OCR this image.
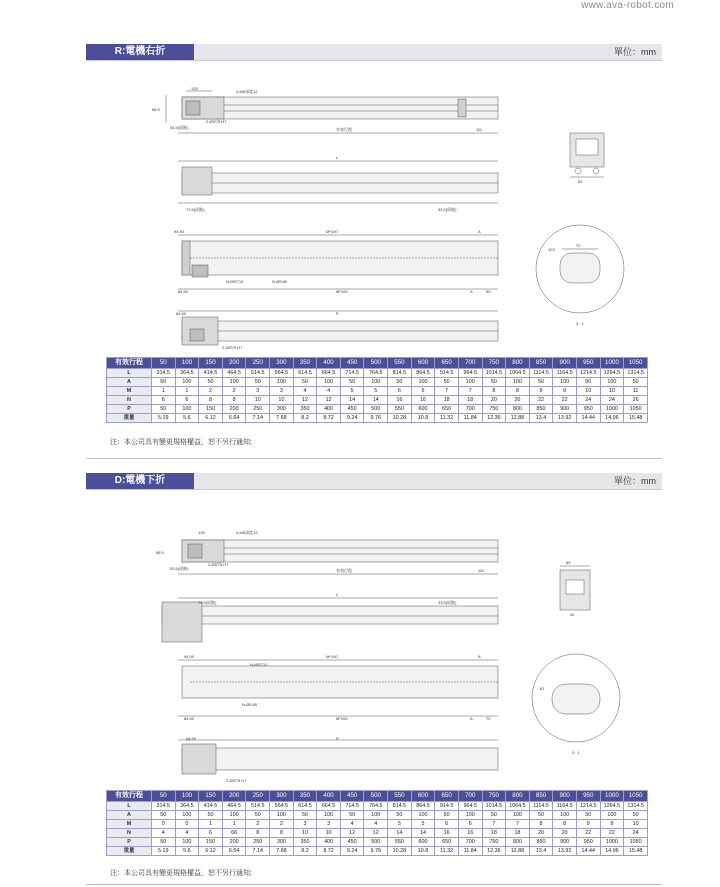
www.ava-robot.com
R:電機右折	單位：mm
135
4-M6深度12
88.5
53.5(原點)
2-Ø5▽5 H7
有效行程	111
L
73.5(原點)	33.5(原點)
94.50	M*100	A
N-M5▽10	N-Ø5.80
84.50	M*100	A	50
64.50	P
2-Ø5▽5 H7
103
72
62
3 : 1
有效行程	50	100	150	200	250	300	350	400	450	500	550	600	650	700	750	800	850	900	950	1000	1050
L	314.5	364.5	414.5	464.5	514.5	564.5	614.5	664.5	714.5	764.5	814.5	864.5	914.5	964.5	1014.5	1064.5	1114.5	1164.5	1214.5	1264.5	1314.5
A	50	100	50	100	50	100	50	100	50	100	50	100	50	100	50	100	50	100	50	100	50
M	1	1	2	2	3	3	4	4	5	5	6	6	7	7	8	8	9	9	10	10	11
N	6	6	8	8	10	10	12	12	14	14	16	16	18	18	20	20	22	22	24	24	26
P	50	100	150	200	250	300	350	400	450	500	550	600	650	700	750	800	850	900	950	1000	1050
重量	5.19	5.6	6.12	6.64	7.14	7.68	8.2	8.72	9.24	9.76	10.28	10.8	11.32	11.84	12.36	12.88	13.4	13.92	14.44	14.96	15.48
注：本公司具有變更規格權益，恕不另行通知;
D:電機下折	單位：mm
135	4-M6深度12
88.5
53.5(原點)
2-Ø5▽5 H7
有效行程	111
L
73.5(原點)	33.5(原點)
94.50	M*100	A
N-M5▽10
N-Ø5.80
84.50	M*100	A	70
64.50	P
2-Ø5▽5 H7
81
65
40
3 : 1
有效行程	50	100	150	200	250	300	350	400	450	500	550	600	650	700	750	800	850	900	950	1000	1050
L	314.5	364.5	414.5	464.5	514.5	564.5	614.5	664.5	714.5	764.5	814.5	864.5	914.5	964.5	1014.5	1064.5	1114.5	1164.5	1214.5	1264.5	1314.5
A	50	100	50	100	50	100	50	100	50	100	50	100	50	100	50	100	50	100	50	100	50
M	0	0	1	1	2	2	3	3	4	4	5	5	6	6	7	7	8	8	9	9	10
N	4	4	6	66	8	8	10	10	12	12	14	14	16	16	18	18	20	20	22	22	24
P	50	100	150	200	250	300	350	400	450	500	550	600	650	700	750	800	850	900	950	1000	1050
重量	5.19	5.6	6.12	6.64	7.14	7.68	8.2	8.72	9.24	9.76	10.28	10.8	11.32	11.84	12.36	12.88	13.4	13.92	14.44	14.96	15.48
注：本公司具有變更規格權益，恕不另行通知;
